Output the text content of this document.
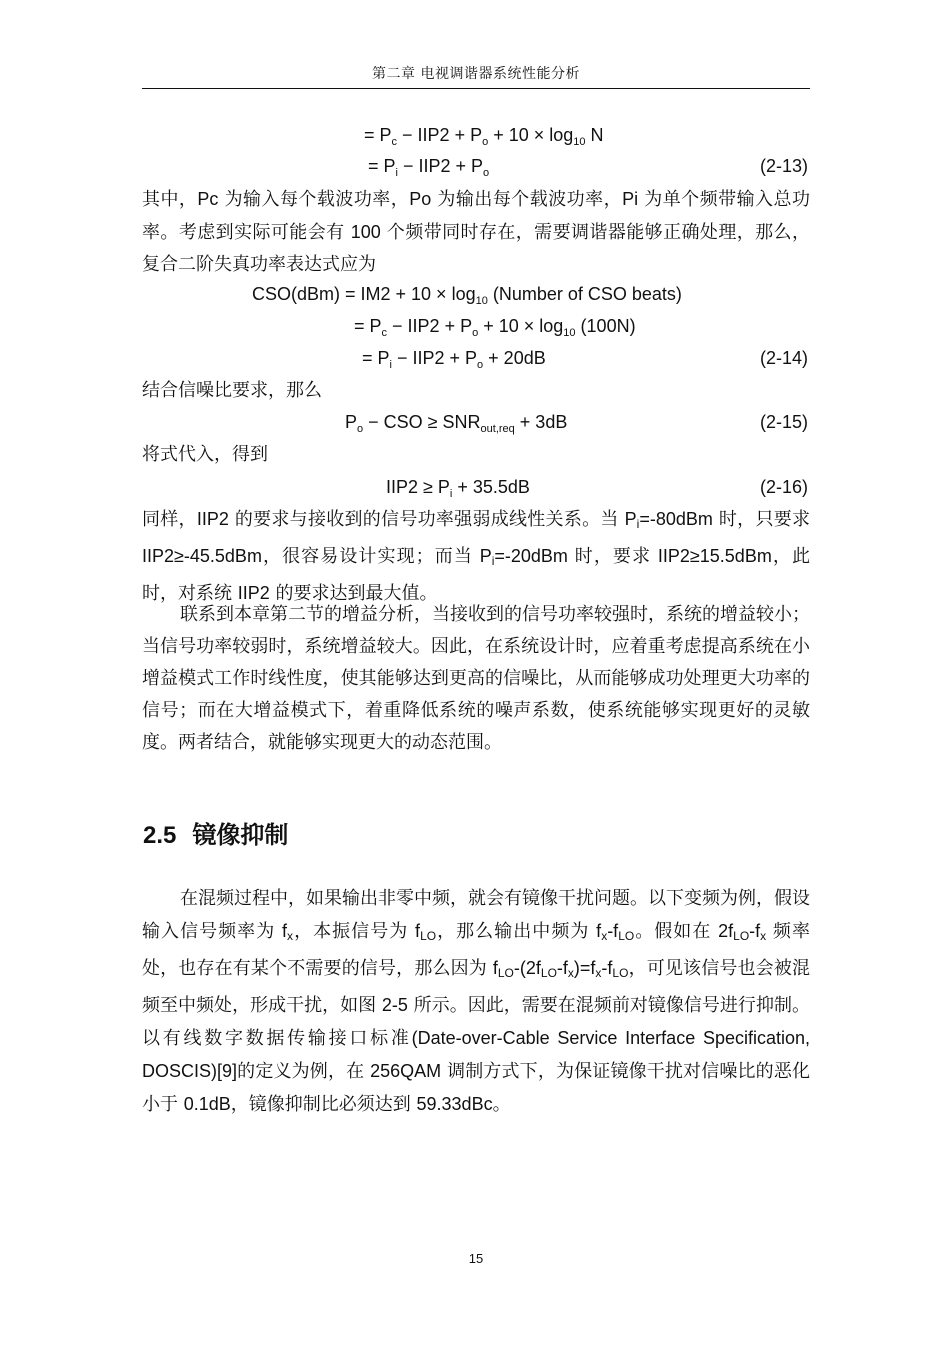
第二章 电视调谐器系统性能分析
= $P_c - IIP2 + P_o + 10 \times \log_{10} N$
= $P_i - IIP2 + P_o$	(2-13)

其中，Pc 为输入每个载波功率，Po 为输出每个载波功率，Pi 为单个频带输入总功率。考虑到实际可能会有 100 个频带同时存在，需要调谐器能够正确处理，那么，复合二阶失真功率表达式应为

$CSO(dBm) = IM2 + 10 \times \log_{10}$ (Number of CSO beats)
= $P_c - IIP2 + P_o + 10 \times \log_{10} (100N)$
= $P_i - IIP2 + P_o + 20dB$	(2-14)
结合信噪比要求，那么
$P_o$ − CSO ≥ $SNR_{out,req} + 3dB$	(2-15)
将式代入，得到
$IIP2 \ge P_i + 35.5dB$	(2-16)

同样，IIP2 的要求与接收到的信号功率强弱成线性关系。当 $P_i=-80dBm$ 时，只要求 IIP2≥-45.5dBm，很容易设计实现；而当 $P_i=-20dBm$ 时，要求 IIP2≥15.5dBm，此时，对系统 IIP2 的要求达到最大值。

联系到本章第二节的增益分析，当接收到的信号功率较强时，系统的增益较小；当信号功率较弱时，系统增益较大。因此，在系统设计时，应着重考虑提高系统在小增益模式工作时线性度，使其能够达到更高的信噪比，从而能够成功处理更大功率的信号；而在大增益模式下，着重降低系统的噪声系数，使系统能够实现更好的灵敏度。两者结合，就能够实现更大的动态范围。

2.5 镜像抑制

在混频过程中，如果输出非零中频，就会有镜像干扰问题。以下变频为例，假设输入信号频率为 $f_x$，本振信号为 $f_{LO}$，那么输出中频为 $f_x-f_{LO}$。假如在 $2f_{LO}-f_x$ 频率处，也存在有某个不需要的信号，那么因为 $f_{LO}-(2f_{LO}-f_x)=f_x-f_{LO}$，可见该信号也会被混频至中频处，形成干扰，如图 2-5 所示。因此，需要在混频前对镜像信号进行抑制。以有线数字数据传输接口标准(Date-over-Cable Service Interface Specification, DOSCIS)[9]的定义为例，在 256QAM 调制方式下，为保证镜像干扰对信噪比的恶化小于 0.1dB，镜像抑制比必须达到 59.33dBc。

15
